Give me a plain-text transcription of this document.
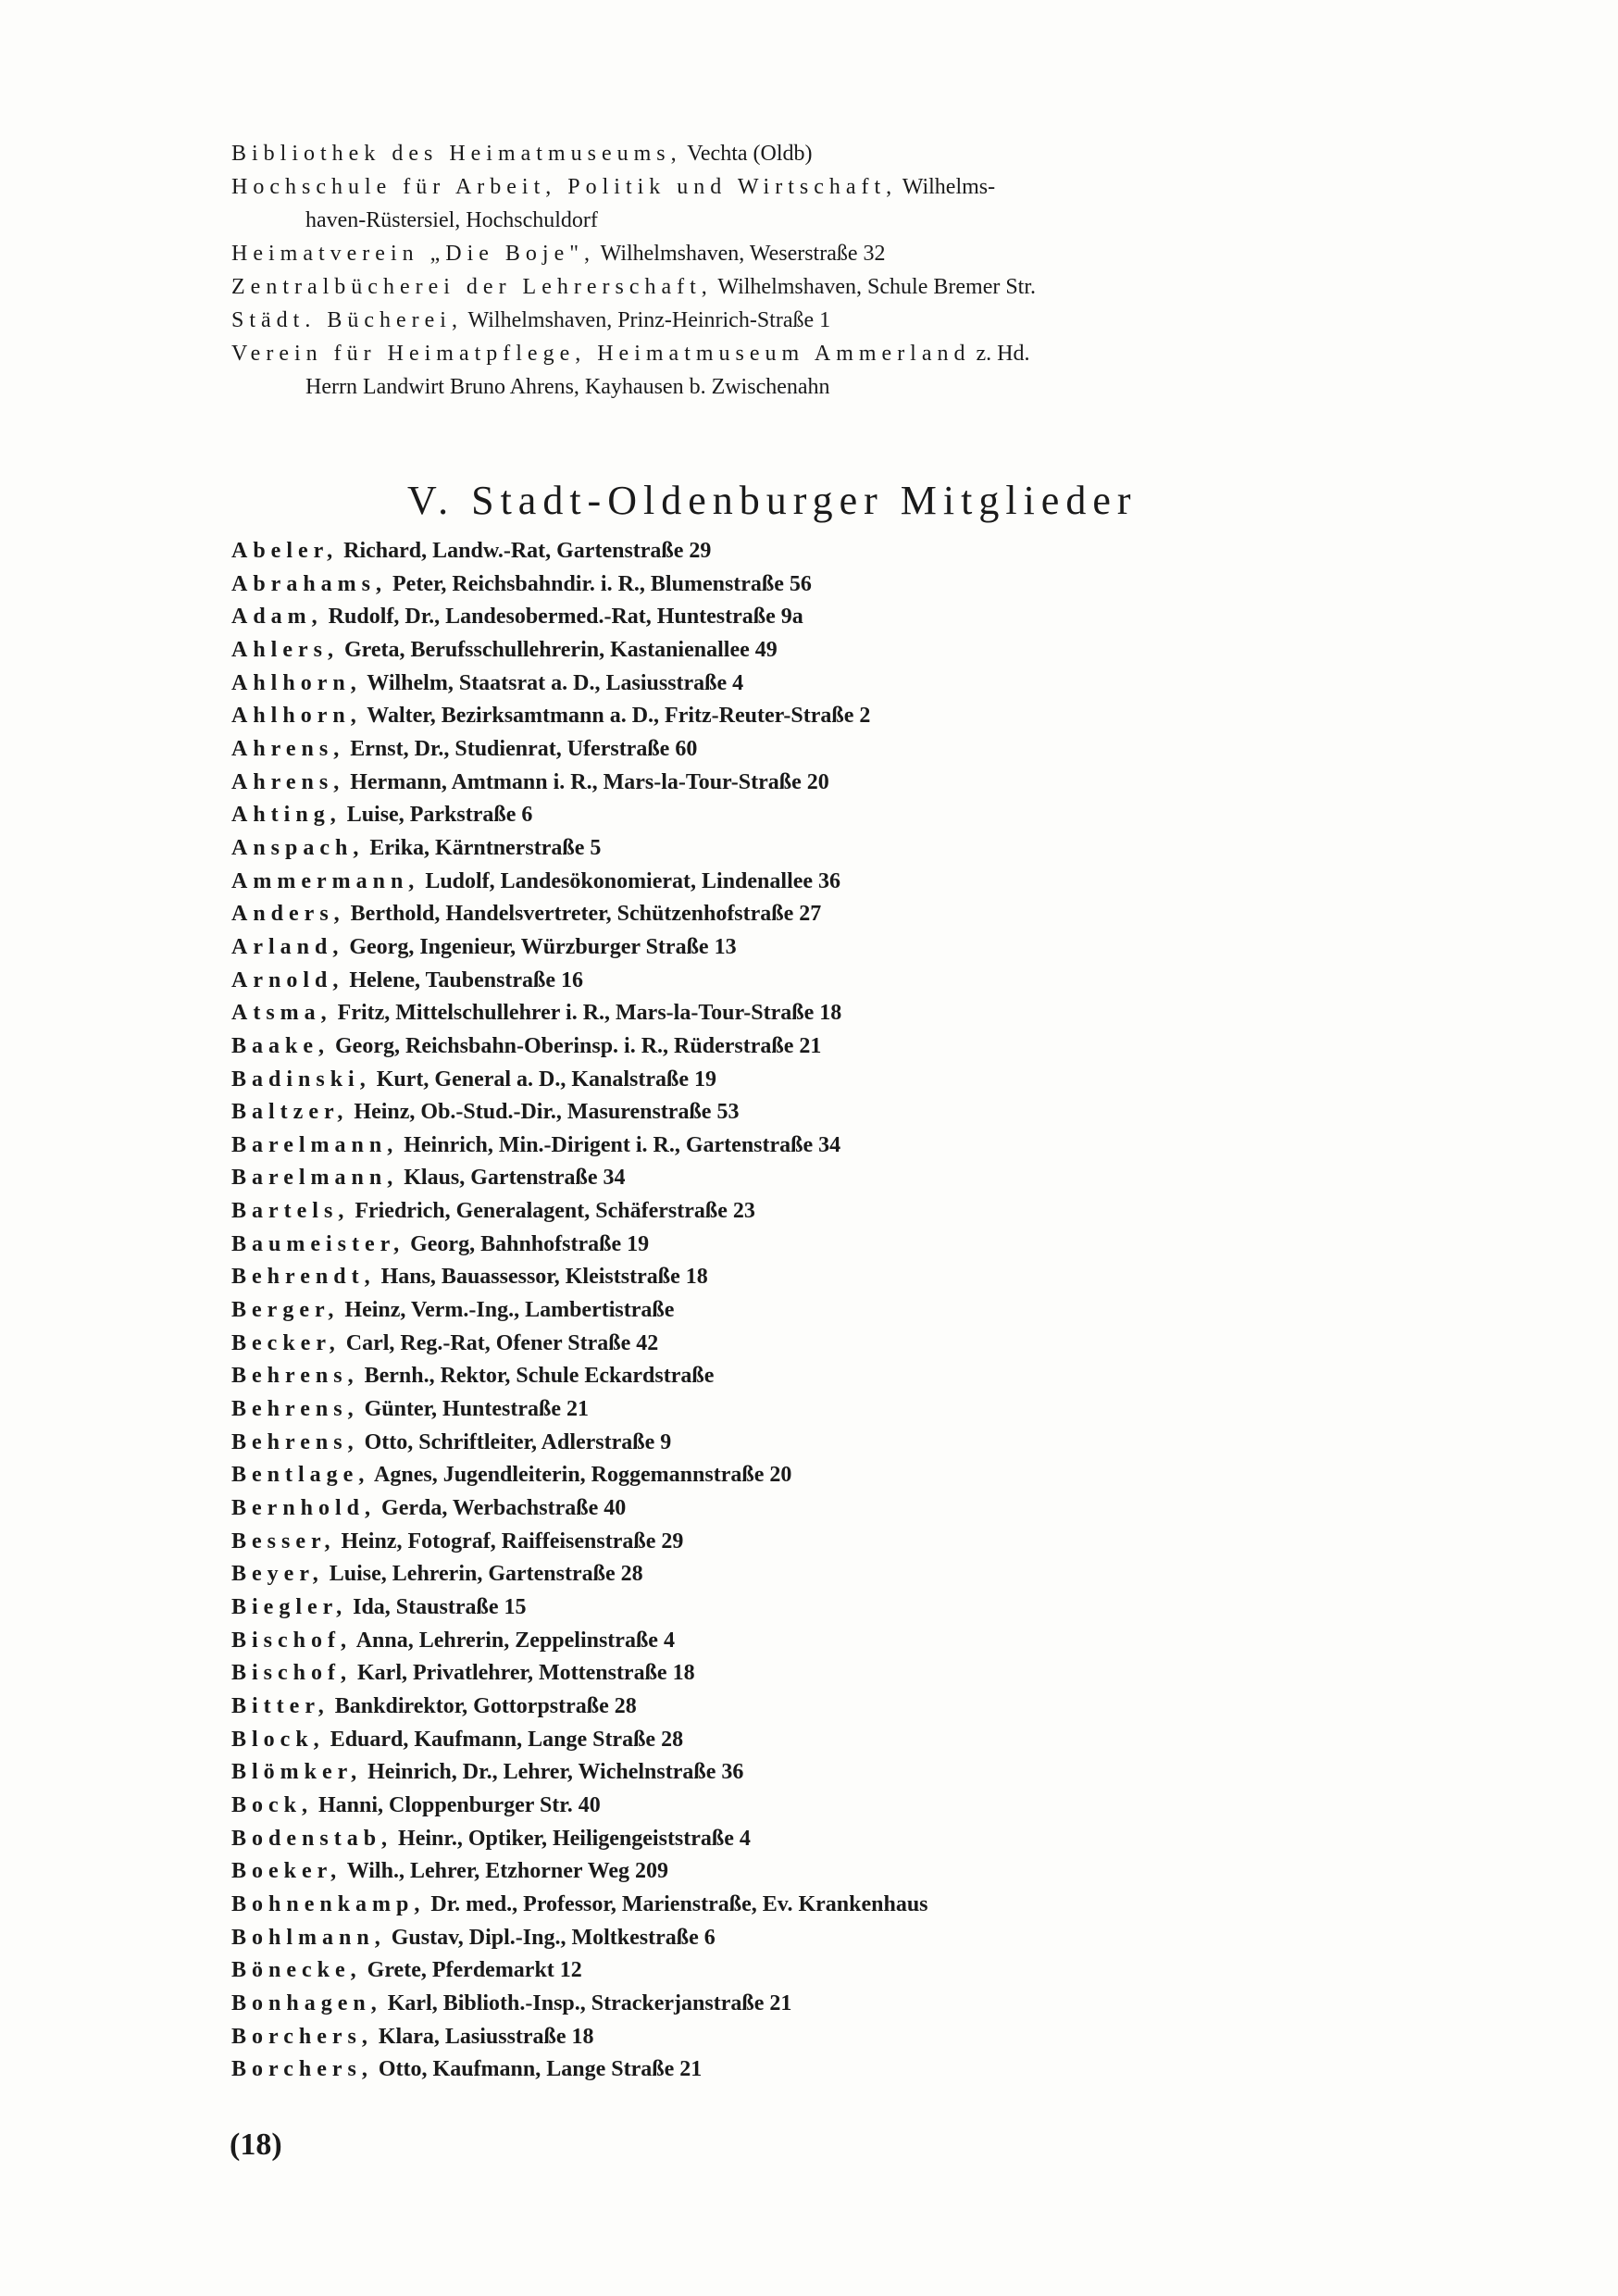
Bibliothek des Heimatmuseums, Vechta (Oldb)
Hochschule für Arbeit, Politik und Wirtschaft, Wilhelms-
haven-Rüstersiel, Hochschuldorf
Heimatverein „Die Boje", Wilhelmshaven, Weserstraße 32
Zentralbücherei der Lehrerschaft, Wilhelmshaven, Schule Bremer Str.
Städt. Bücherei, Wilhelmshaven, Prinz-Heinrich-Straße 1
Verein für Heimatpflege, Heimatmuseum Ammerland z. Hd.
Herrn Landwirt Bruno Ahrens, Kayhausen b. Zwischenahn
V. Stadt-Oldenburger Mitglieder
Abeler, Richard, Landw.-Rat, Gartenstraße 29
Abrahams, Peter, Reichsbahndir. i. R., Blumenstraße 56
Adam, Rudolf, Dr., Landesobermed.-Rat, Huntestraße 9a
Ahlers, Greta, Berufsschullehrerin, Kastanienallee 49
Ahlhorn, Wilhelm, Staatsrat a. D., Lasiusstraße 4
Ahlhorn, Walter, Bezirksamtmann a. D., Fritz-Reuter-Straße 2
Ahrens, Ernst, Dr., Studienrat, Uferstraße 60
Ahrens, Hermann, Amtmann i. R., Mars-la-Tour-Straße 20
Ahting, Luise, Parkstraße 6
Anspach, Erika, Kärntnerstraße 5
Ammermann, Ludolf, Landesökonomierat, Lindenallee 36
Anders, Berthold, Handelsvertreter, Schützenhofstraße 27
Arland, Georg, Ingenieur, Würzburger Straße 13
Arnold, Helene, Taubenstraße 16
Atsma, Fritz, Mittelschullehrer i. R., Mars-la-Tour-Straße 18
Baake, Georg, Reichsbahn-Oberinsp. i. R., Rüderstraße 21
Badinski, Kurt, General a. D., Kanalstraße 19
Baltzer, Heinz, Ob.-Stud.-Dir., Masurenstraße 53
Barelmann, Heinrich, Min.-Dirigent i. R., Gartenstraße 34
Barelmann, Klaus, Gartenstraße 34
Bartels, Friedrich, Generalagent, Schäferstraße 23
Baumeister, Georg, Bahnhofstraße 19
Behrendt, Hans, Bauassessor, Kleiststraße 18
Berger, Heinz, Verm.-Ing., Lambertistraße
Becker, Carl, Reg.-Rat, Ofener Straße 42
Behrens, Bernh., Rektor, Schule Eckardstraße
Behrens, Günter, Huntestraße 21
Behrens, Otto, Schriftleiter, Adlerstraße 9
Bentlage, Agnes, Jugendleiterin, Roggemannstraße 20
Bernhold, Gerda, Werbachstraße 40
Besser, Heinz, Fotograf, Raiffeisenstraße 29
Beyer, Luise, Lehrerin, Gartenstraße 28
Biegler, Ida, Staustraße 15
Bischof, Anna, Lehrerin, Zeppelinstraße 4
Bischof, Karl, Privatlehrer, Mottenstraße 18
Bitter, Bankdirektor, Gottorpstraße 28
Block, Eduard, Kaufmann, Lange Straße 28
Blömker, Heinrich, Dr., Lehrer, Wichelnstraße 36
Bock, Hanni, Cloppenburger Str. 40
Bodenstab, Heinr., Optiker, Heiligengeiststraße 4
Boeker, Wilh., Lehrer, Etzhorner Weg 209
Bohnenkamp, Dr. med., Professor, Marienstraße, Ev. Krankenhaus
Bohlmann, Gustav, Dipl.-Ing., Moltkestraße 6
Bönecke, Grete, Pferdemarkt 12
Bonhagen, Karl, Biblioth.-Insp., Strackerjanstraße 21
Borchers, Klara, Lasiusstraße 18
Borchers, Otto, Kaufmann, Lange Straße 21
(18)
